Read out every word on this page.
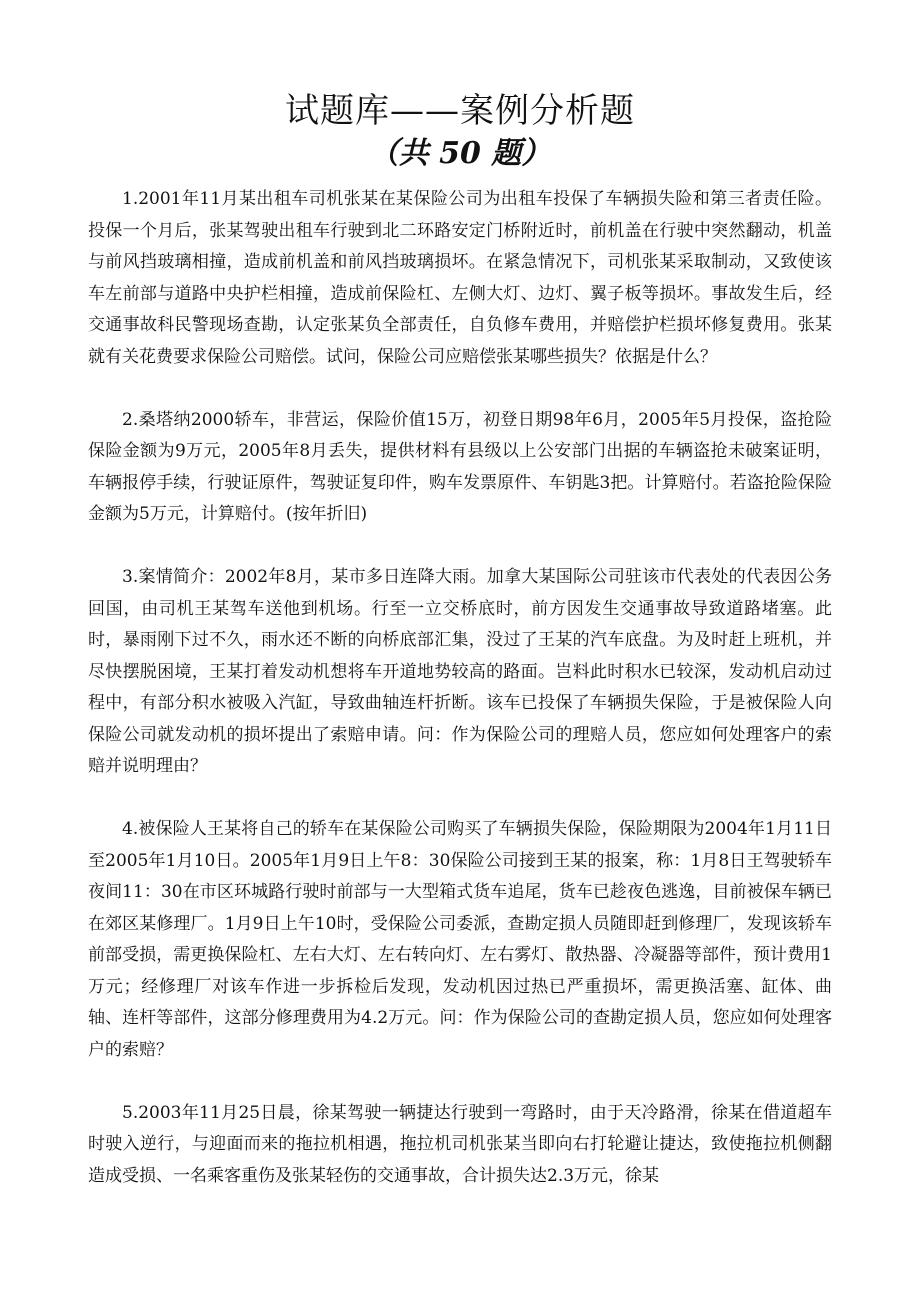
试题库——案例分析题
（共 50 题）

1.2001年11月某出租车司机张某在某保险公司为出租车投保了车辆损失险和第三者责任险。投保一个月后，张某驾驶出租车行驶到北二环路安定门桥附近时，前机盖在行驶中突然翻动，机盖与前风挡玻璃相撞，造成前机盖和前风挡玻璃损坏。在紧急情况下，司机张某采取制动，又致使该车左前部与道路中央护栏相撞，造成前保险杠、左侧大灯、边灯、翼子板等损坏。事故发生后，经交通事故科民警现场查勘，认定张某负全部责任，自负修车费用，并赔偿护栏损坏修复费用。张某就有关花费要求保险公司赔偿。试问，保险公司应赔偿张某哪些损失？依据是什么？

2.桑塔纳2000轿车，非营运，保险价值15万，初登日期98年6月，2005年5月投保，盗抢险保险金额为9万元，2005年8月丢失，提供材料有县级以上公安部门出据的车辆盗抢未破案证明，车辆报停手续，行驶证原件，驾驶证复印件，购车发票原件、车钥匙3把。计算赔付。若盗抢险保险金额为5万元，计算赔付。(按年折旧)

3.案情简介：2002年8月，某市多日连降大雨。加拿大某国际公司驻该市代表处的代表因公务回国，由司机王某驾车送他到机场。行至一立交桥底时，前方因发生交通事故导致道路堵塞。此时，暴雨刚下过不久，雨水还不断的向桥底部汇集，没过了王某的汽车底盘。为及时赶上班机，并尽快摆脱困境，王某打着发动机想将车开道地势较高的路面。岂料此时积水已较深，发动机启动过程中，有部分积水被吸入汽缸，导致曲轴连杆折断。该车已投保了车辆损失保险，于是被保险人向保险公司就发动机的损坏提出了索赔申请。问：作为保险公司的理赔人员，您应如何处理客户的索赔并说明理由？

4.被保险人王某将自己的轿车在某保险公司购买了车辆损失保险，保险期限为2004年1月11日至2005年1月10日。2005年1月9日上午8：30保险公司接到王某的报案，称：1月8日王驾驶轿车夜间11：30在市区环城路行驶时前部与一大型箱式货车追尾，货车已趁夜色逃逸，目前被保车辆已在郊区某修理厂。1月9日上午10时，受保险公司委派，查勘定损人员随即赶到修理厂，发现该轿车前部受损，需更换保险杠、左右大灯、左右转向灯、左右雾灯、散热器、冷凝器等部件，预计费用1万元；经修理厂对该车作进一步拆检后发现，发动机因过热已严重损坏，需更换活塞、缸体、曲轴、连杆等部件，这部分修理费用为4.2万元。问：作为保险公司的查勘定损人员，您应如何处理客户的索赔？

5.2003年11月25日晨，徐某驾驶一辆捷达行驶到一弯路时，由于天冷路滑，徐某在借道超车时驶入逆行，与迎面而来的拖拉机相遇，拖拉机司机张某当即向右打轮避让捷达，致使拖拉机侧翻造成受损、一名乘客重伤及张某轻伤的交通事故，合计损失达2.3万元，徐某
